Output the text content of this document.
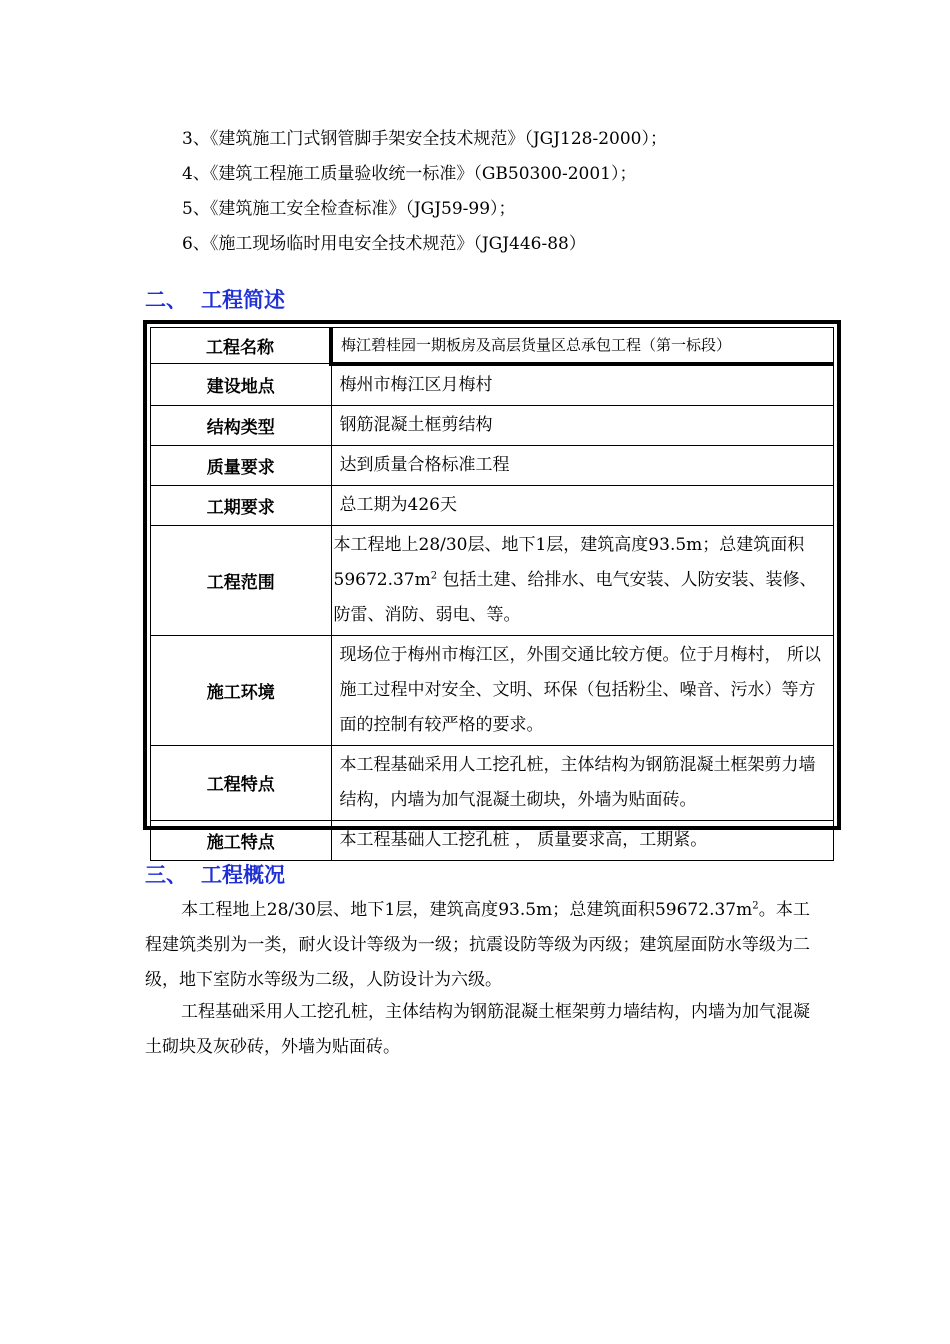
3、《建筑施工门式钢管脚手架安全技术规范》（JGJ128-2000）；
4、《建筑工程施工质量验收统一标准》（GB50300-2001）；
5、《建筑施工安全检查标准》（JGJ59-99）；
6、《施工现场临时用电安全技术规范》（JGJ446-88）
二、 工程简述
工程名称	梅江碧桂园一期板房及高层货量区总承包工程（第一标段）
建设地点	梅州市梅江区月梅村
结构类型	钢筋混凝土框剪结构
质量要求	达到质量合格标准工程
工期要求	总工期为426天
工程范围	本工程地上28/30层、地下1层，建筑高度93.5m；总建筑面积$59672.37m^2$ 包括土建、给排水、电气安装、人防安装、装修、防雷、消防、弱电、等。
施工环境	现场位于梅州市梅江区，外围交通比较方便。位于月梅村， 所以施工过程中对安全、文明、环保（包括粉尘、噪音、污水）等方面的控制有较严格的要求。
工程特点	本工程基础采用人工挖孔桩，主体结构为钢筋混凝土框架剪力墙结构，内墙为加气混凝土砌块，外墙为贴面砖。
施工特点	本工程基础人工挖孔桩 ， 质量要求高，工期紧。
三、 工程概况

本工程地上28/30层、地下1层，建筑高度93.5m；总建筑面积$59672.37m^2$。本工程建筑类别为一类，耐火设计等级为一级；抗震设防等级为丙级；建筑屋面防水等级为二级，地下室防水等级为二级，人防设计为六级。

工程基础采用人工挖孔桩，主体结构为钢筋混凝土框架剪力墙结构，内墙为加气混凝土砌块及灰砂砖，外墙为贴面砖。
